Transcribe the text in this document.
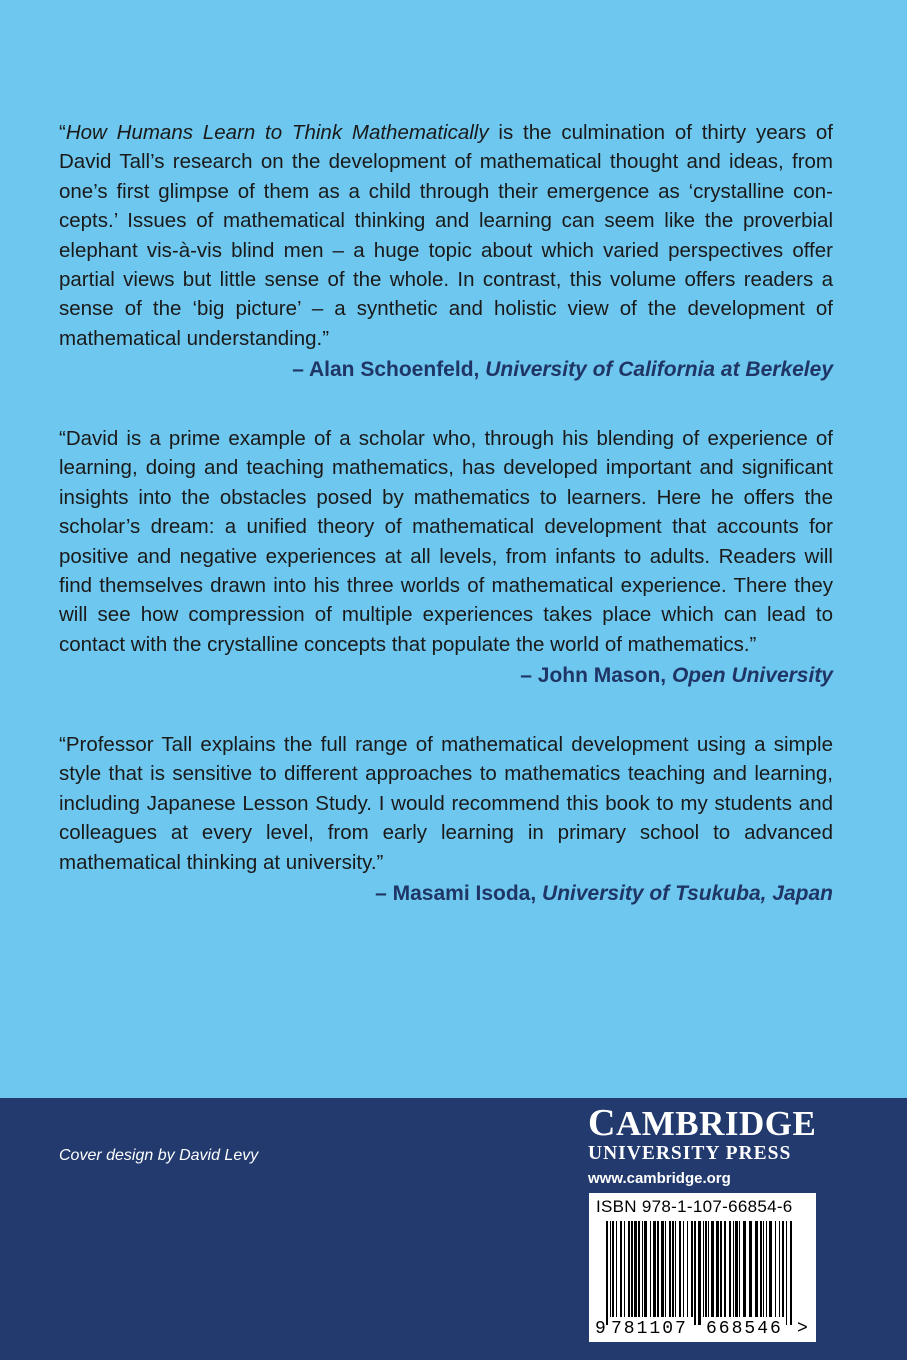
“How Humans Learn to Think Mathematically is the culmination of thirty years of David Tall’s research on the development of mathematical thought and ideas, from one’s first glimpse of them as a child through their emergence as ‘crystalline con-cepts.’ Issues of mathematical thinking and learning can seem like the proverbial elephant vis-à-vis blind men – a huge topic about which varied perspectives offer partial views but little sense of the whole. In contrast, this volume offers readers a sense of the ‘big picture’ – a synthetic and holistic view of the development of mathematical understanding.”

– Alan Schoenfeld, University of California at Berkeley

“David is a prime example of a scholar who, through his blending of experience of learning, doing and teaching mathematics, has developed important and significant insights into the obstacles posed by mathematics to learners. Here he offers the scholar’s dream: a unified theory of mathematical development that accounts for positive and negative experiences at all levels, from infants to adults. Readers will find themselves drawn into his three worlds of mathematical experience. There they will see how compression of multiple experiences takes place which can lead to contact with the crystalline concepts that populate the world of mathematics.”

– John Mason, Open University

“Professor Tall explains the full range of mathematical development using a simple style that is sensitive to different approaches to mathematics teaching and learning, including Japanese Lesson Study. I would recommend this book to my students and colleagues at every level, from early learning in primary school to advanced mathematical thinking at university.”

– Masami Isoda, University of Tsukuba, Japan

Cover design by David Levy
CAMBRIDGE
UNIVERSITY PRESS
www.cambridge.org
ISBN 978-1-107-66854-6
9 781107 668546 >
